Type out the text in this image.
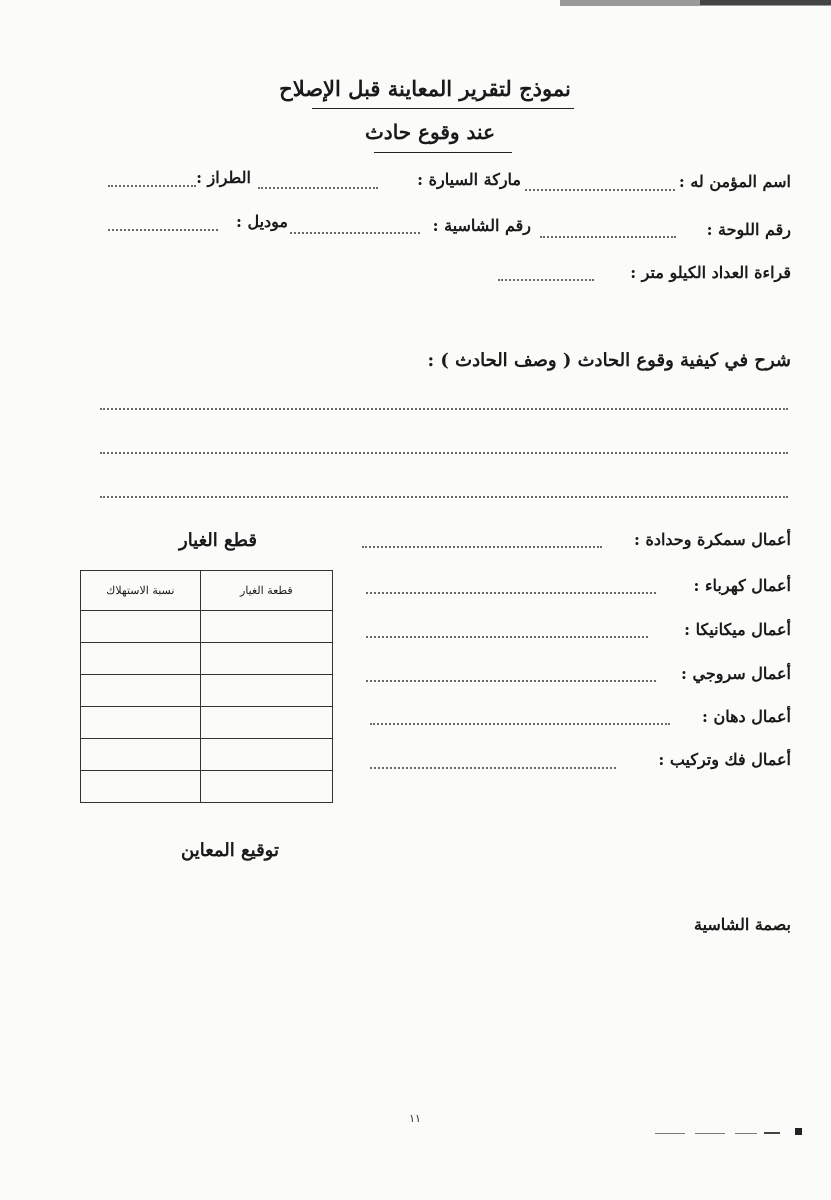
نموذج لتقرير المعاينة قبل الإصلاح
عند وقوع حادث
اسم المؤمن له :
ماركة السيارة :
الطراز :
رقم اللوحة :
رقم الشاسية :
موديل :
قراءة العداد الكيلو متر :
شرح في كيفية وقوع الحادث ( وصف الحادث ) :
أعمال سمكرة وحدادة :
أعمال كهرباء :
أعمال ميكانيكا :
أعمال سروجي :
أعمال دهان :
أعمال فك وتركيب :
قطع الغيار
نسبة الاستهلاك	قطعة الغيار

توقيع المعاين
بصمة الشاسية
١١
